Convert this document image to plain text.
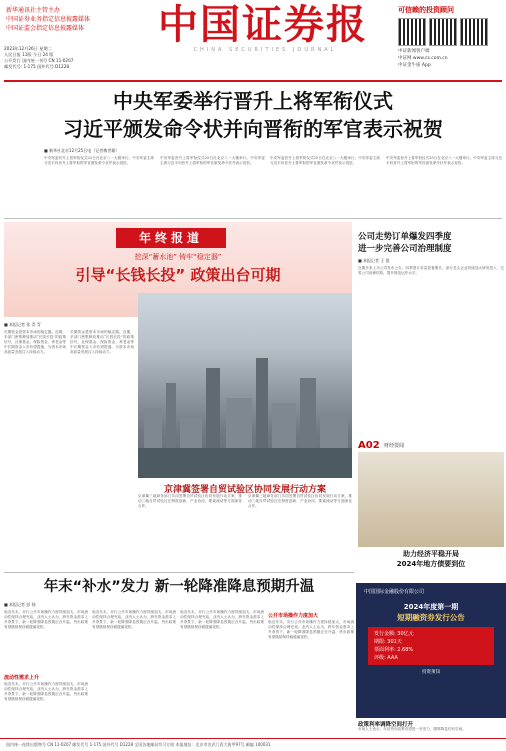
新华通讯社主管主办
中国证券业务指定信息披露媒体
中国证监会指定信息披露媒体	中国证券报
CHINA SECURITIES JOURNAL
可信赖的投资顾问
中证新闻客户端
中证网 www.cs.com.cn
中证金牛座 App
2023年12月26日 星期二
人民日报 11版 今日 24 版
公开发行 国内统一刊号 CN 11-0207
邮发代号: 1-175 国外代号:D1228
中央军委举行晋升上将军衔仪式
习近平颁发命令状并向晋衔的军官表示祝贺
■ 新华社北京12月25日电（记者梅世雄）
中央军委晋升上将军衔仪式25日在北京八一大楼举行。中央军委主席习近平向晋升上将军衔的军官颁发命令状并表示祝贺。
中央军委晋升上将军衔仪式25日在北京八一大楼举行。中央军委主席习近平向晋升上将军衔的军官颁发命令状并表示祝贺。
中央军委晋升上将军衔仪式25日在北京八一大楼举行。中央军委主席习近平向晋升上将军衔的军官颁发命令状并表示祝贺。
中央军委晋升上将军衔仪式25日在北京八一大楼举行。中央军委主席习近平向晋升上将军衔的军官颁发命令状并表示祝贺。
年终报道
挖深“蓄水池” 铸牢“稳定器”
引导“长钱长投” 政策出台可期
■ 本报记者 张 青 青
长期资金是资本市场的稳定器。近期，多部门密集释放推动“长钱长投”的政策信号，社保基金、保险资金、养老金等中长期资金入市有望提速，为资本市场高质量发展注入持续动力。
长期资金是资本市场的稳定器。近期，多部门密集释放推动“长钱长投”的政策信号，社保基金、保险资金、养老金等中长期资金入市有望提速，为资本市场高质量发展注入持续动力。
京津冀签署自贸试验区协同发展行动方案
京津冀三地商务部门共同签署自贸试验区协同发展行动方案，推动三地自贸试验区在制度创新、产业协同、要素流动等方面深化合作。
京津冀三地商务部门共同签署自贸试验区协同发展行动方案，推动三地自贸试验区在制度创新、产业协同、要素流动等方面深化合作。
公司走势订单爆发四季度
进一步完善公司治理制度
■ 本报记者 王 凯
近期多家上市公司发布公告，四季度订单量显著增长，部分龙头企业持续加大研发投入，完善公司治理结构，提升规范运作水平。
A02 财经要闻
助力经济平稳开局
2024年地方债要到位
年末“补水”发力 新一轮降准降息预期升温
■ 本报记者 彭 扬
临近年末，央行公开市场操作力度持续加大，市场流动性保持合理充裕。业内人士认为，跨年资金需求上升背景下，新一轮降准降息预期正在升温，货币政策有望继续保持稳健偏宽松。
流动性需求上升
临近年末，央行公开市场操作力度持续加大，市场流动性保持合理充裕。业内人士认为，跨年资金需求上升背景下，新一轮降准降息预期正在升温，货币政策有望继续保持稳健偏宽松。
临近年末，央行公开市场操作力度持续加大，市场流动性保持合理充裕。业内人士认为，跨年资金需求上升背景下，新一轮降准降息预期正在升温，货币政策有望继续保持稳健偏宽松。
临近年末，央行公开市场操作力度持续加大，市场流动性保持合理充裕。业内人士认为，跨年资金需求上升背景下，新一轮降准降息预期正在升温，货币政策有望继续保持稳健偏宽松。
公开市场操作力度加大
临近年末，央行公开市场操作力度持续加大，市场流动性保持合理充裕。业内人士认为，跨年资金需求上升背景下，新一轮降准降息预期正在升温，货币政策有望继续保持稳健偏宽松。
中国国际金融股份有限公司
2024年度第一期
短期融资券发行公告
发行金额: 30亿元
期限: 301天
票面利率: 2.68%
评级: AAA
投资须知
政策利率调降空间打开
市场人士表示，年初货币政策有望进一步发力，降准降息仍有空间。
国内统一连续出版物号 CN 11-0207 邮发代号 1-175 国外代号 D1228 全国各地邮局均可订阅 本报地址：北京市宣武门西大街甲97号 邮编 100031
